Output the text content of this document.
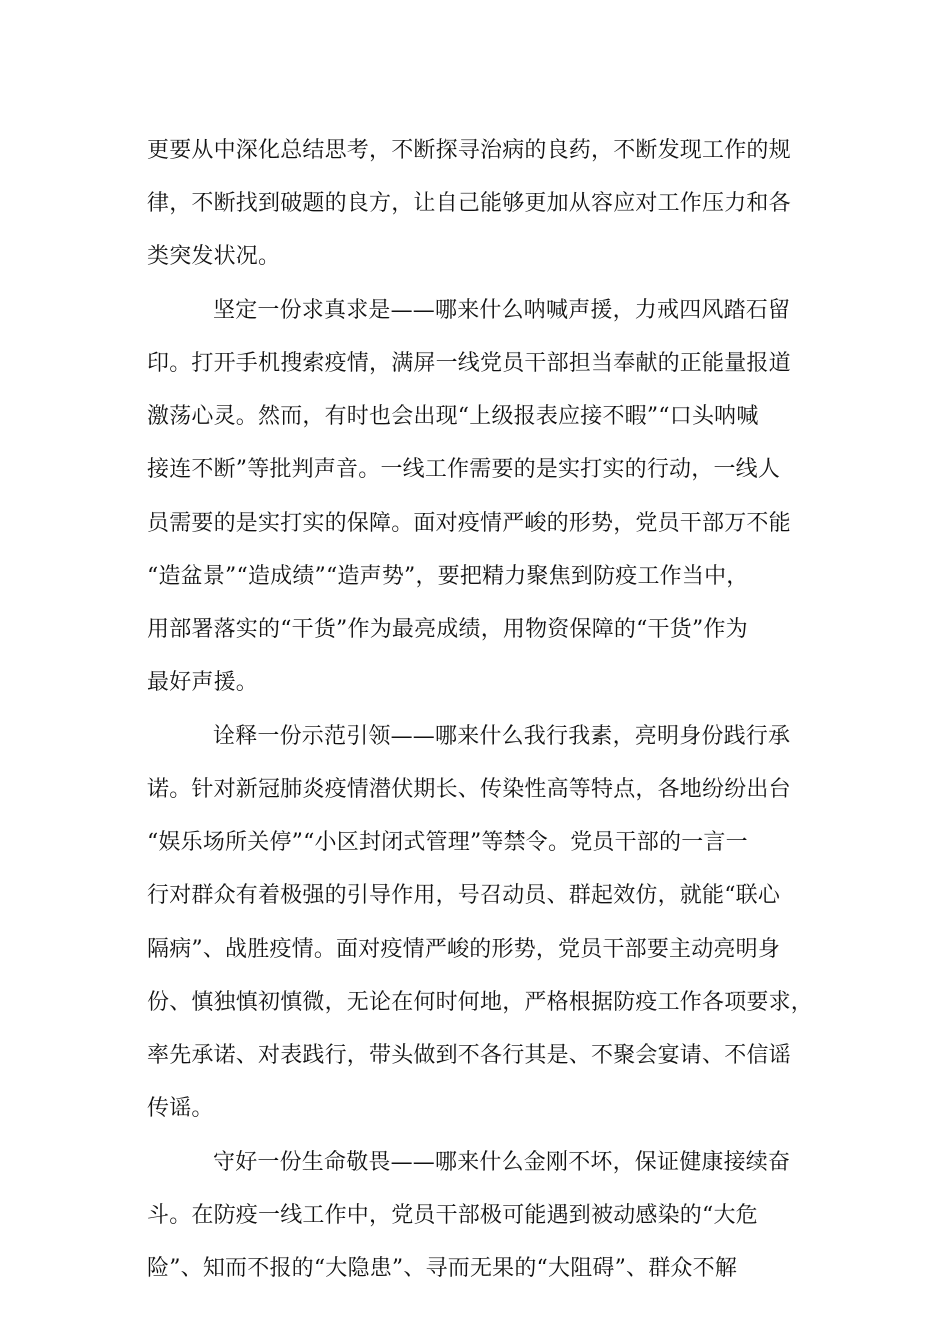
更要从中深化总结思考，不断探寻治病的良药，不断发现工作的规
律，不断找到破题的良方，让自己能够更加从容应对工作压力和各
类突发状况。
坚定一份求真求是——哪来什么呐喊声援，力戒四风踏石留
印。打开手机搜索疫情，满屏一线党员干部担当奉献的正能量报道
激荡心灵。然而，有时也会出现“上级报表应接不暇”“口头呐喊
接连不断”等批判声音。一线工作需要的是实打实的行动，一线人
员需要的是实打实的保障。面对疫情严峻的形势，党员干部万不能
“造盆景”“造成绩”“造声势”，要把精力聚焦到防疫工作当中，
用部署落实的“干货”作为最亮成绩，用物资保障的“干货”作为
最好声援。
诠释一份示范引领——哪来什么我行我素，亮明身份践行承
诺。针对新冠肺炎疫情潜伏期长、传染性高等特点，各地纷纷出台
“娱乐场所关停”“小区封闭式管理”等禁令。党员干部的一言一
行对群众有着极强的引导作用，号召动员、群起效仿，就能“联心
隔病”、战胜疫情。面对疫情严峻的形势，党员干部要主动亮明身
份、慎独慎初慎微，无论在何时何地，严格根据防疫工作各项要求，
率先承诺、对表践行，带头做到不各行其是、不聚会宴请、不信谣
传谣。
守好一份生命敬畏——哪来什么金刚不坏，保证健康接续奋
斗。在防疫一线工作中，党员干部极可能遇到被动感染的“大危
险”、知而不报的“大隐患”、寻而无果的“大阻碍”、群众不解
